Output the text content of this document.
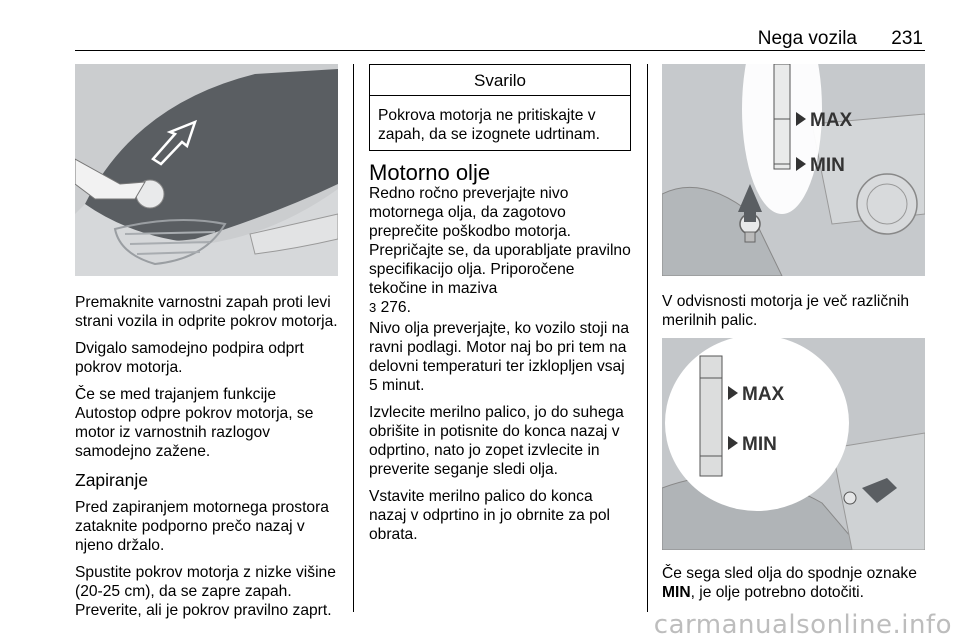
Nega vozila 231

Premaknite varnostni zapah proti levi strani vozila in odprite pokrov motorja.

Dvigalo samodejno podpira odprt pokrov motorja.

Če se med trajanjem funkcije Autostop odpre pokrov motorja, se motor iz varnostnih razlogov samodejno zažene.

Zapiranje

Pred zapiranjem motornega prostora zataknite podporno prečo nazaj v njeno držalo.

Spustite pokrov motorja z nizke višine (20-25 cm), da se zapre zapah. Preverite, ali je pokrov pravilno zaprt.

Svarilo
Pokrova motorja ne pritiskajte v zapah, da se izognete udrtinam.
Motorno olje

Redno ročno preverjajte nivo motornega olja, da zagotovo preprečite poškodbo motorja. Prepričajte se, da uporabljate pravilno specifikacijo olja. Priporočene tekočine in maziva
3 276.

Nivo olja preverjajte, ko vozilo stoji na ravni podlagi. Motor naj bo pri tem na delovni temperaturi ter izklopljen vsaj 5 minut.

Izvlecite merilno palico, jo do suhega obrišite in potisnite do konca nazaj v odprtino, nato jo zopet izvlecite in preverite seganje sledi olja.

Vstavite merilno palico do konca nazaj v odprtino in jo obrnite za pol obrata.

MAX
MIN

V odvisnosti motorja je več različnih merilnih palic.

MAX
MIN

Če sega sled olja do spodnje oznake MIN, je olje potrebno dotočiti.

carmanualsonline.info
